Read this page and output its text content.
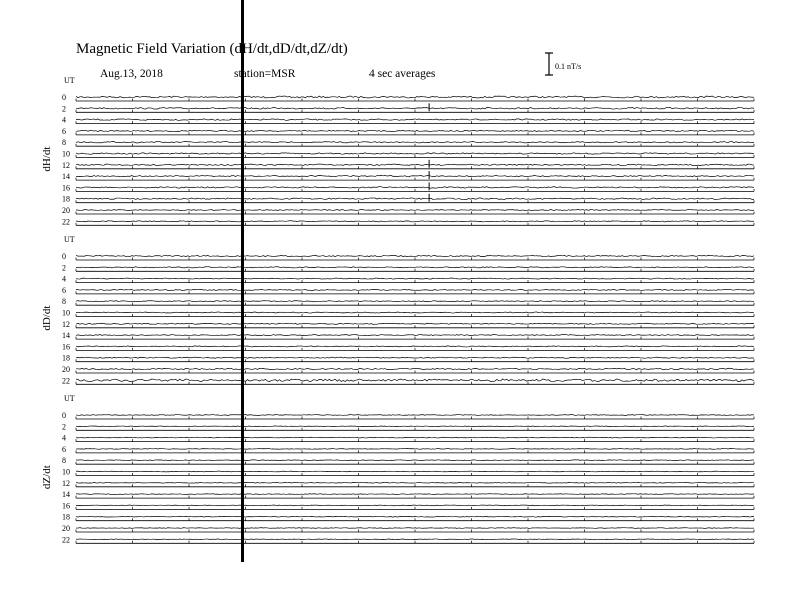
Magnetic Field Variation (dH/dt,dD/dt,dZ/dt)
Aug.13, 2018	station=MSR	4 sec averages
0.1 nT/s
UT
dH/dt
0
2
4
6
8
10
12
14
16
18
20
22
UT
dD/dt
0
2
4
6
8
10
12
14
16
18
20
22
UT
dZ/dt
0
2
4
6
8
10
12
14
16
18
20
22
